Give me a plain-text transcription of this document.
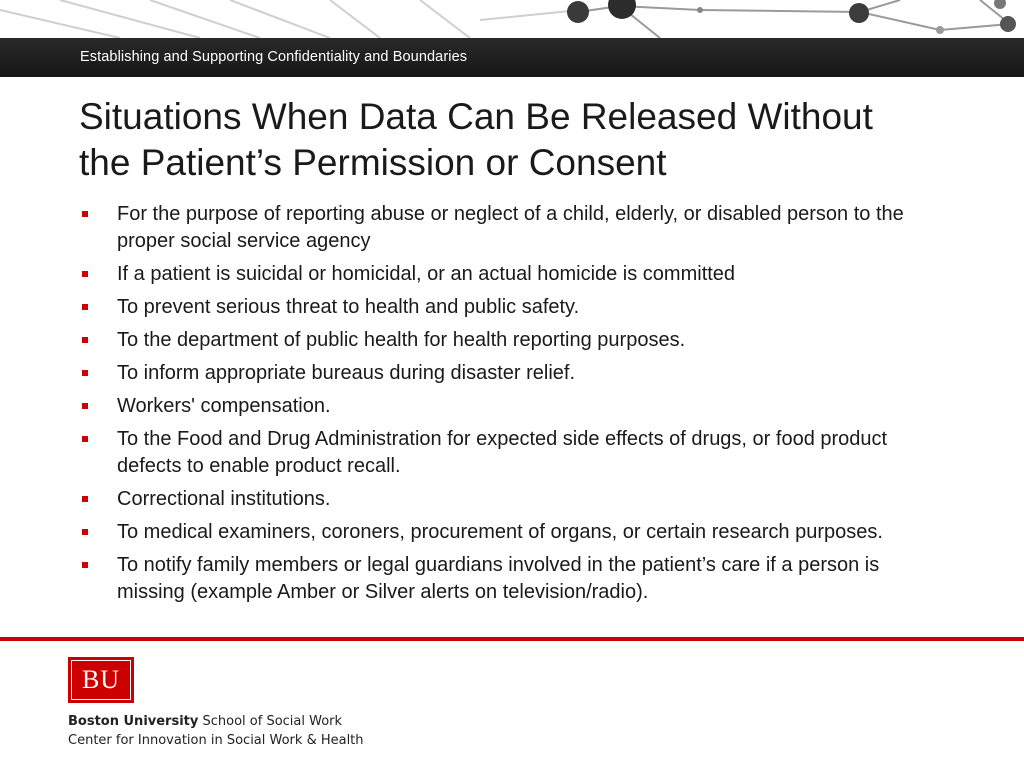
Establishing and Supporting Confidentiality and Boundaries
Situations When Data Can Be Released Without
the Patient’s Permission or Consent
For the purpose of reporting abuse or neglect of a child, elderly, or disabled person to the proper social service agency
If a patient is suicidal or homicidal, or an actual homicide is committed
To prevent serious threat to health and public safety.
To the department of public health for health reporting purposes.
To inform appropriate bureaus during disaster relief.
Workers' compensation.
To the Food and Drug Administration for expected side effects of drugs, or food product defects to enable product recall.
Correctional institutions.
To medical examiners, coroners, procurement of organs, or certain research purposes.
To notify family members or legal guardians involved in the patient’s care if a person is missing (example Amber or Silver alerts on television/radio).
BU
Boston University School of Social Work
Center for Innovation in Social Work & Health
